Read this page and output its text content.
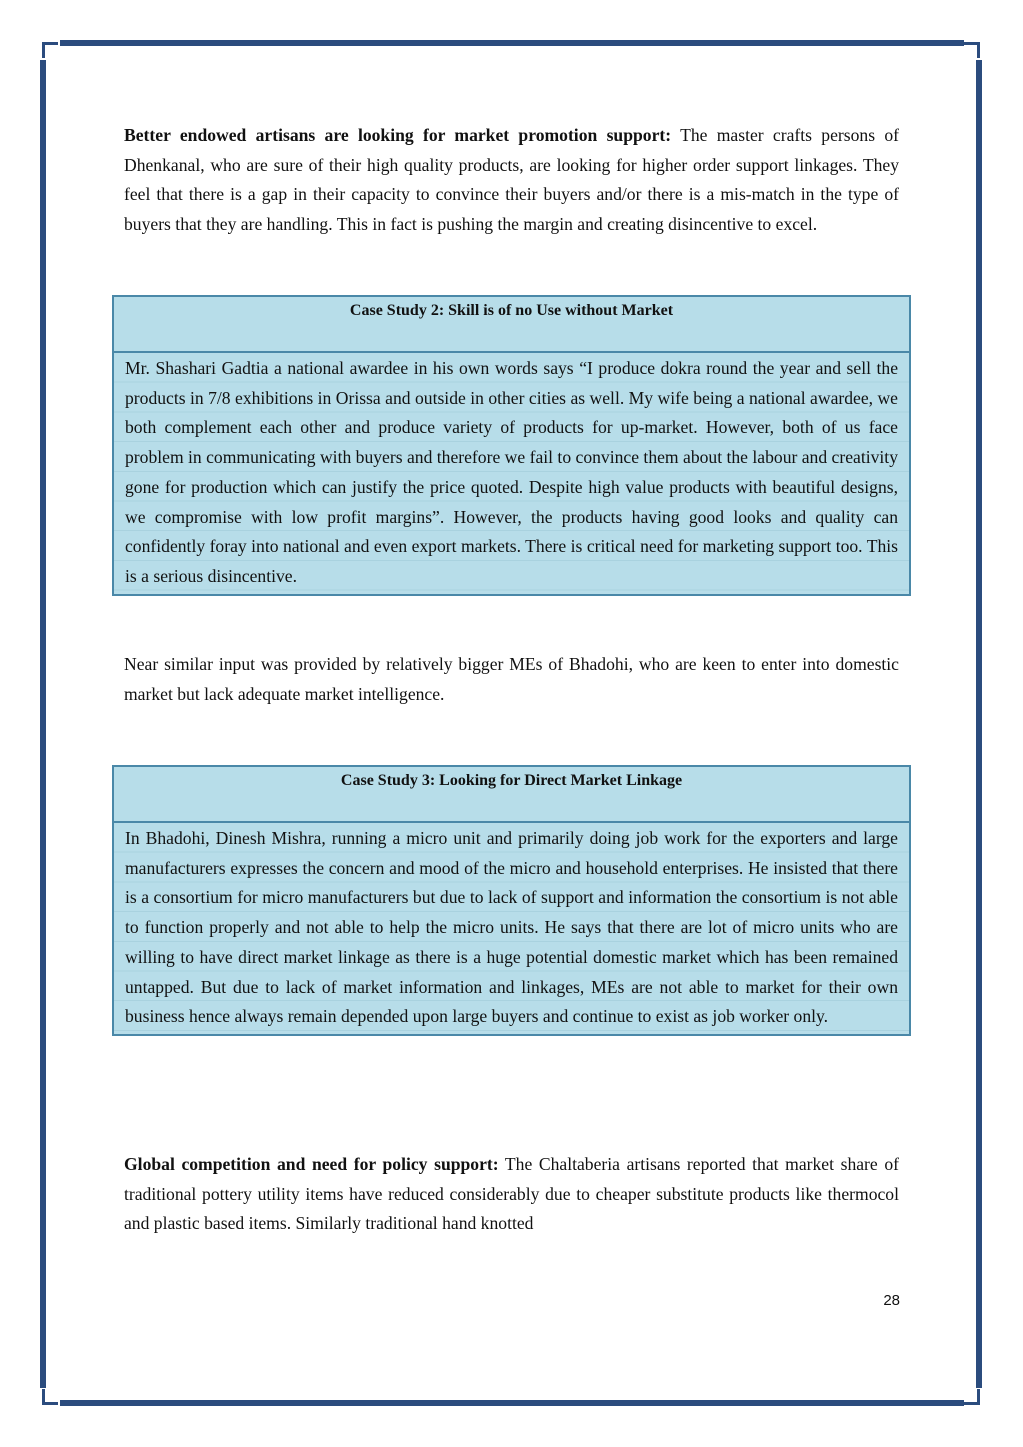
Better endowed artisans are looking for market promotion support: The master crafts persons of Dhenkanal, who are sure of their high quality products, are looking for higher order support linkages. They feel that there is a gap in their capacity to convince their buyers and/or there is a mis-match in the type of buyers that they are handling. This in fact is pushing the margin and creating disincentive to excel.

Case Study 2: Skill is of no Use without Market
Mr. Shashari Gadtia a national awardee in his own words says “I produce dokra round the year and sell the products in 7/8 exhibitions in Orissa and outside in other cities as well. My wife being a national awardee, we both complement each other and produce variety of products for up-market. However, both of us face problem in communicating with buyers and therefore we fail to convince them about the labour and creativity gone for production which can justify the price quoted. Despite high value products with beautiful designs, we compromise with low profit margins”. However, the products having good looks and quality can confidently foray into national and even export markets. There is critical need for marketing support too. This is a serious disincentive.

Near similar input was provided by relatively bigger MEs of Bhadohi, who are keen to enter into domestic market but lack adequate market intelligence.

Case Study 3: Looking for Direct Market Linkage
In Bhadohi, Dinesh Mishra, running a micro unit and primarily doing job work for the exporters and large manufacturers expresses the concern and mood of the micro and household enterprises. He insisted that there is a consortium for micro manufacturers but due to lack of support and information the consortium is not able to function properly and not able to help the micro units. He says that there are lot of micro units who are willing to have direct market linkage as there is a huge potential domestic market which has been remained untapped. But due to lack of market information and linkages, MEs are not able to market for their own business hence always remain depended upon large buyers and continue to exist as job worker only.

Global competition and need for policy support: The Chaltaberia artisans reported that market share of traditional pottery utility items have reduced considerably due to cheaper substitute products like thermocol and plastic based items. Similarly traditional hand knotted

28
